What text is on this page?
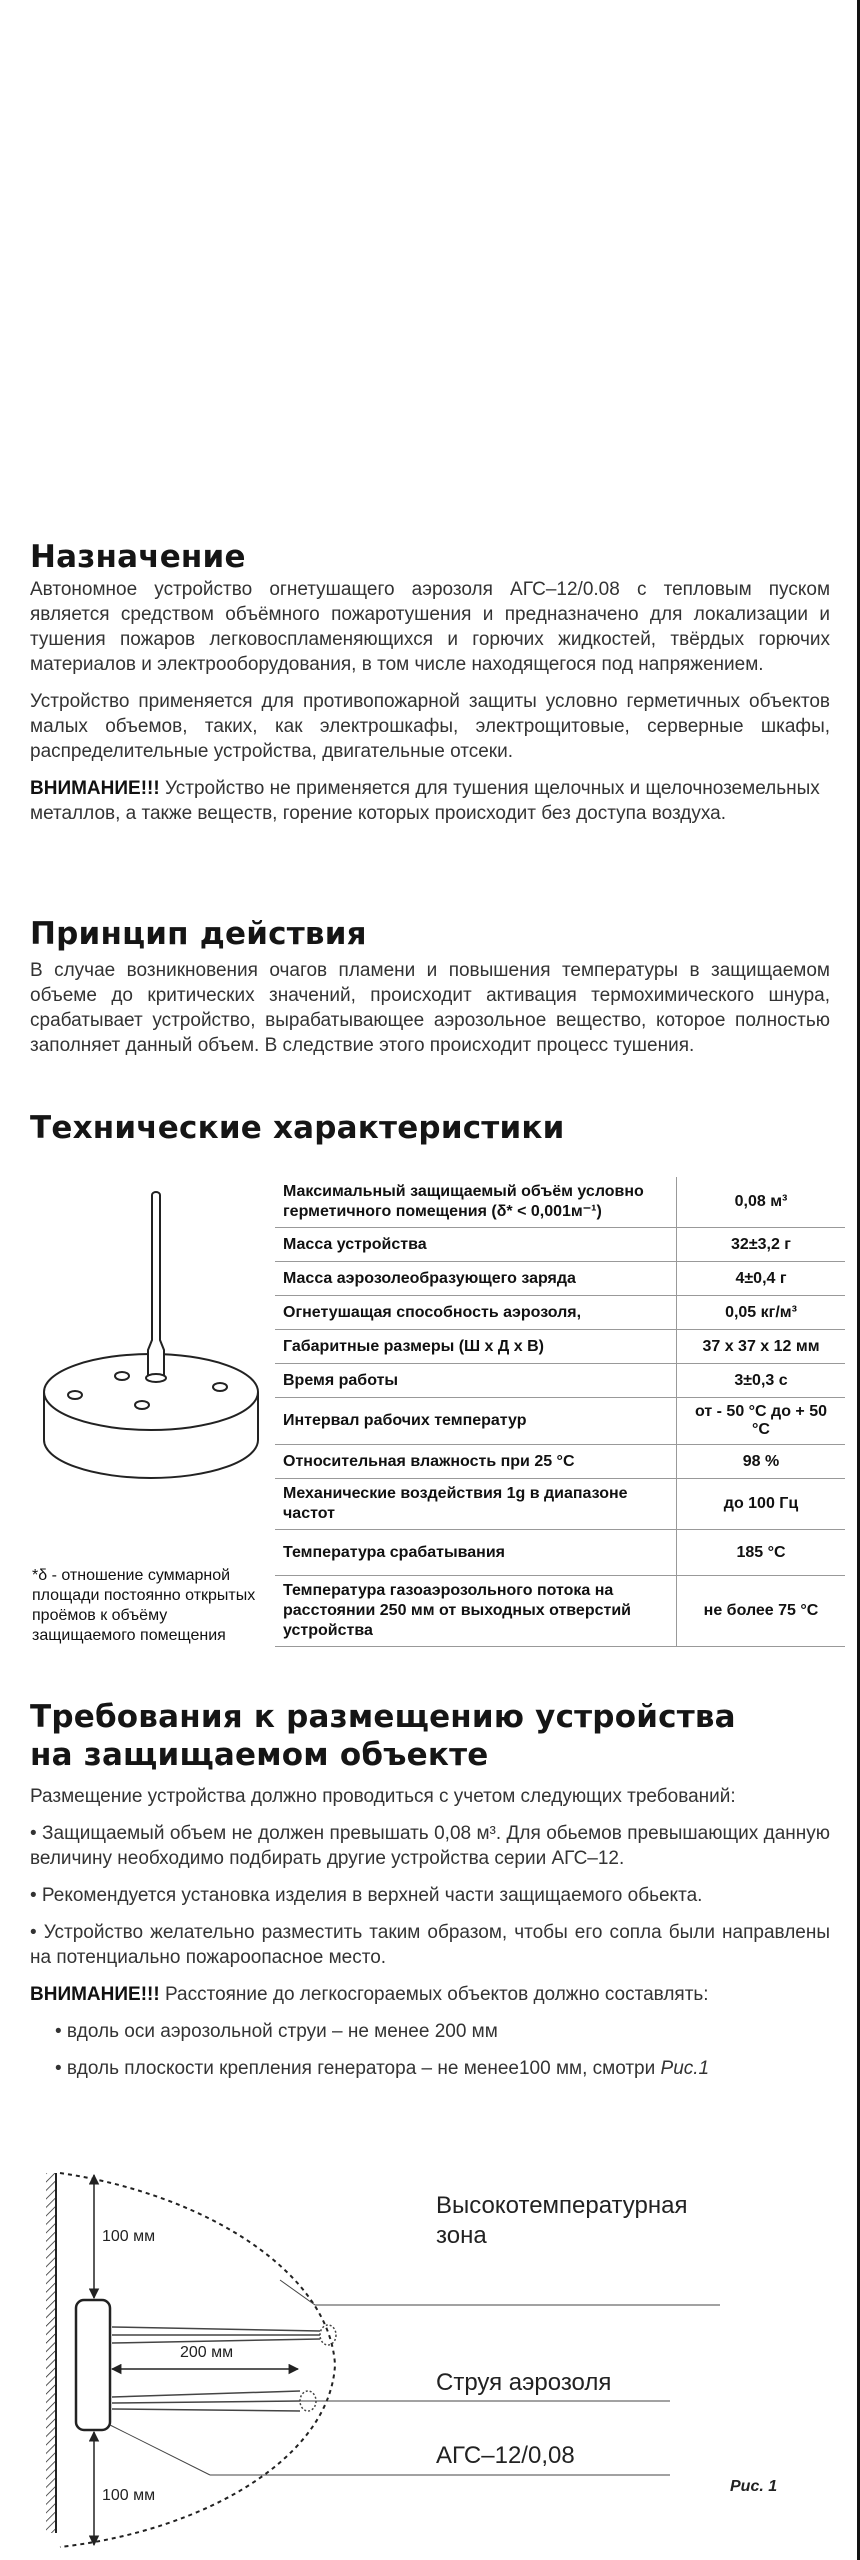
Назначение

Автономное устройство огнетушащего аэрозоля АГС–12/0.08 с тепловым пуском является средством объёмного пожаротушения и предназначено для локализации и тушения пожаров легковоспламеняющихся и горючих жидкостей, твёрдых горючих материалов и электрооборудования, в том числе находящегося под напряжением.

Устройство применяется для противопожарной защиты условно герметичных объектов малых объемов, таких, как электрошкафы, электрощитовые, серверные шкафы, распределительные устройства, двигательные отсеки.

ВНИМАНИЕ!!! Устройство не применяется для тушения щелочных и щелочноземельных металлов, а также веществ, горение которых происходит без доступа воздуха.

Принцип действия

В случае возникновения очагов пламени и повышения температуры в защищаемом объеме до критических значений, происходит активация термохимического шнура, срабатывает устройство, вырабатывающее аэрозольное вещество, которое полностью заполняет данный объем. В следствие этого происходит процесс тушения.

Технические характеристики
Максимальный защищаемый объём условно герметичного помещения (δ* < 0,001м⁻¹)	0,08 м³
Масса устройства	32±3,2 г
Масса аэрозолеобразующего заряда	4±0,4 г
Огнетушащая способность аэрозоля,	0,05 кг/м³
Габаритные размеры (Ш х Д х В)	37 х 37 х 12 мм
Время работы	3±0,3 с
Интервал рабочих температур	от - 50 °С до + 50 °С
Относительная влажность при 25 °С	98 %
Механические воздействия 1g в диапазоне частот	до 100 Гц
Температура срабатывания	185 °С
Температура газоаэрозольного потока на расстоянии 250 мм от выходных отверстий устройства	не более 75 °С
*δ - отношение суммарной площади постоянно открытых проёмов к объёму защищаемого помещения
Требования к размещению устройства
на защищаемом объекте

Размещение устройства должно проводиться с учетом следующих требований:

• Защищаемый объем не должен превышать 0,08 м³. Для обьемов превышающих данную величину необходимо подбирать другие устройства серии АГС–12.

• Рекомендуется установка изделия в верхней части защищаемого обьекта.

• Устройство желательно разместить таким образом, чтобы его сопла были направлены на потенциально пожароопасное место.

ВНИМАНИЕ!!! Расстояние до легкосгораемых объектов должно составлять:

• вдоль оси аэрозольной струи – не менее 200 мм
• вдоль плоскости крепления генератора – не менее100 мм, смотри Рис.1
100 мм
200 мм
100 мм
Высокотемпературная
зона
Струя аэрозоля
АГС–12/0,08
Рис. 1
